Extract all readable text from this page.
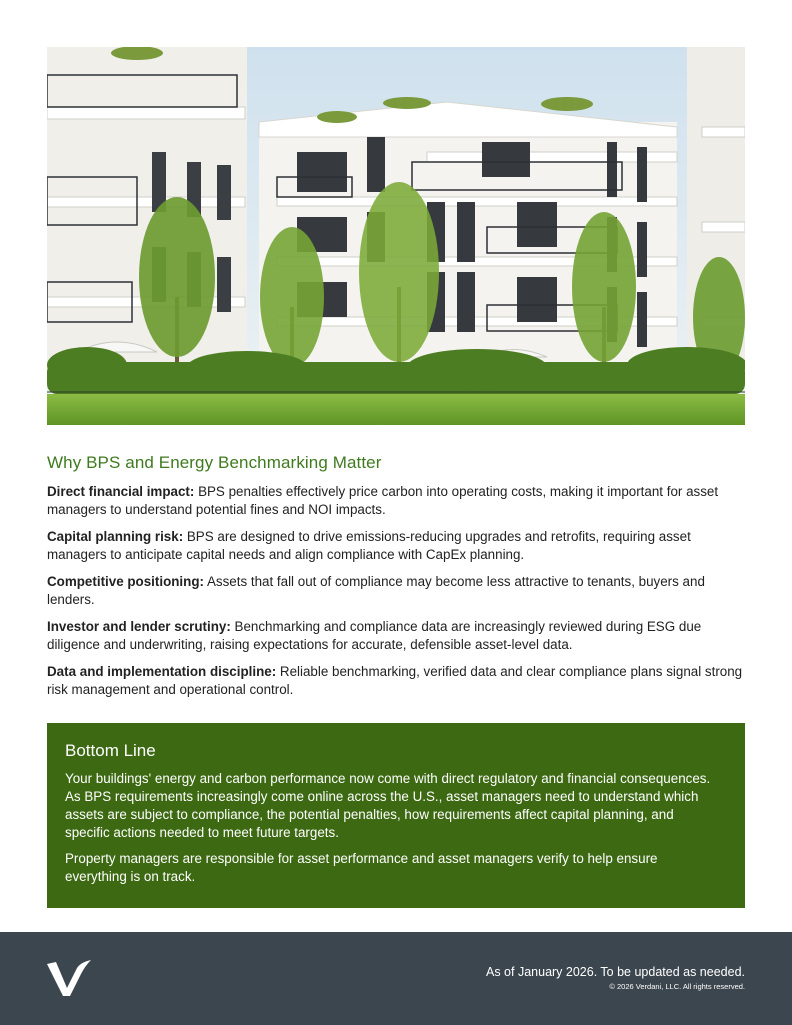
Why BPS and Energy Benchmarking Matter

Direct financial impact: BPS penalties effectively price carbon into operating costs, making it important for asset managers to understand potential fines and NOI impacts.

Capital planning risk: BPS are designed to drive emissions-reducing upgrades and retrofits, requiring asset managers to anticipate capital needs and align compliance with CapEx planning.

Competitive positioning: Assets that fall out of compliance may become less attractive to tenants, buyers and lenders.

Investor and lender scrutiny: Benchmarking and compliance data are increasingly reviewed during ESG due diligence and underwriting, raising expectations for accurate, defensible asset-level data.

Data and implementation discipline: Reliable benchmarking, verified data and clear compliance plans signal strong risk management and operational control.

Bottom Line

Your buildings' energy and carbon performance now come with direct regulatory and financial consequences. As BPS requirements increasingly come online across the U.S., asset managers need to understand which assets are subject to compliance, the potential penalties, how requirements affect capital planning, and specific actions needed to meet future targets.

Property managers are responsible for asset performance and asset managers verify to help ensure everything is on track.

As of January 2026. To be updated as needed.
© 2026 Verdani, LLC. All rights reserved.
